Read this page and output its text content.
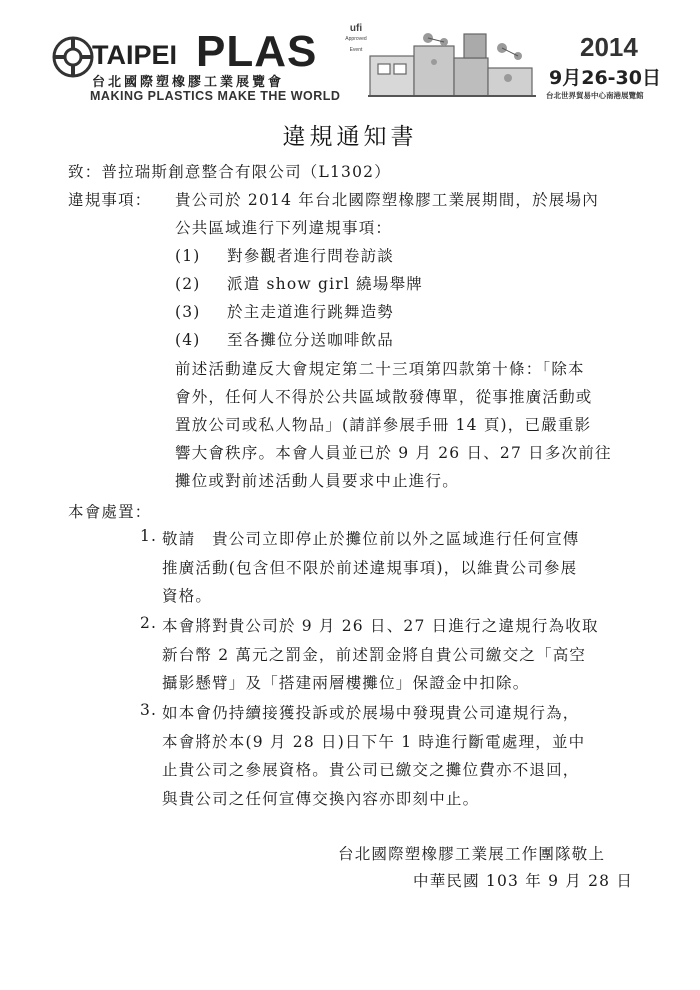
TAIPEI PLAS	ufi
Approved Event
台北國際塑橡膠工業展覽會
MAKING PLASTICS MAKE THE WORLD
2014
9月26-30日
台北世界貿易中心南港展覽館
違規通知書
致：普拉瑞斯創意整合有限公司（L1302）
違規事項： 貴公司於 2014 年台北國際塑橡膠工業展期間，於展場內
公共區域進行下列違規事項：
(1) 對參觀者進行問卷訪談
(2) 派遣 show girl 繞場舉牌
(3) 於主走道進行跳舞造勢
(4) 至各攤位分送咖啡飲品
前述活動違反大會規定第二十三項第四款第十條：「除本
會外，任何人不得於公共區域散發傳單，從事推廣活動或
置放公司或私人物品」(請詳參展手冊 14 頁)，已嚴重影
響大會秩序。本會人員並已於 9 月 26 日、27 日多次前往
攤位或對前述活動人員要求中止進行。
本會處置：
1. 敬請　貴公司立即停止於攤位前以外之區域進行任何宣傳
推廣活動(包含但不限於前述違規事項)，以維貴公司參展
資格。
2. 本會將對貴公司於 9 月 26 日、27 日進行之違規行為收取
新台幣 2 萬元之罰金，前述罰金將自貴公司繳交之「高空
攝影懸臂」及「搭建兩層樓攤位」保證金中扣除。
3. 如本會仍持續接獲投訴或於展場中發現貴公司違規行為，
本會將於本(9 月 28 日)日下午 1 時進行斷電處理，並中
止貴公司之參展資格。貴公司已繳交之攤位費亦不退回，
與貴公司之任何宣傳交換內容亦即刻中止。
台北國際塑橡膠工業展工作團隊敬上
中華民國 103 年 9 月 28 日
